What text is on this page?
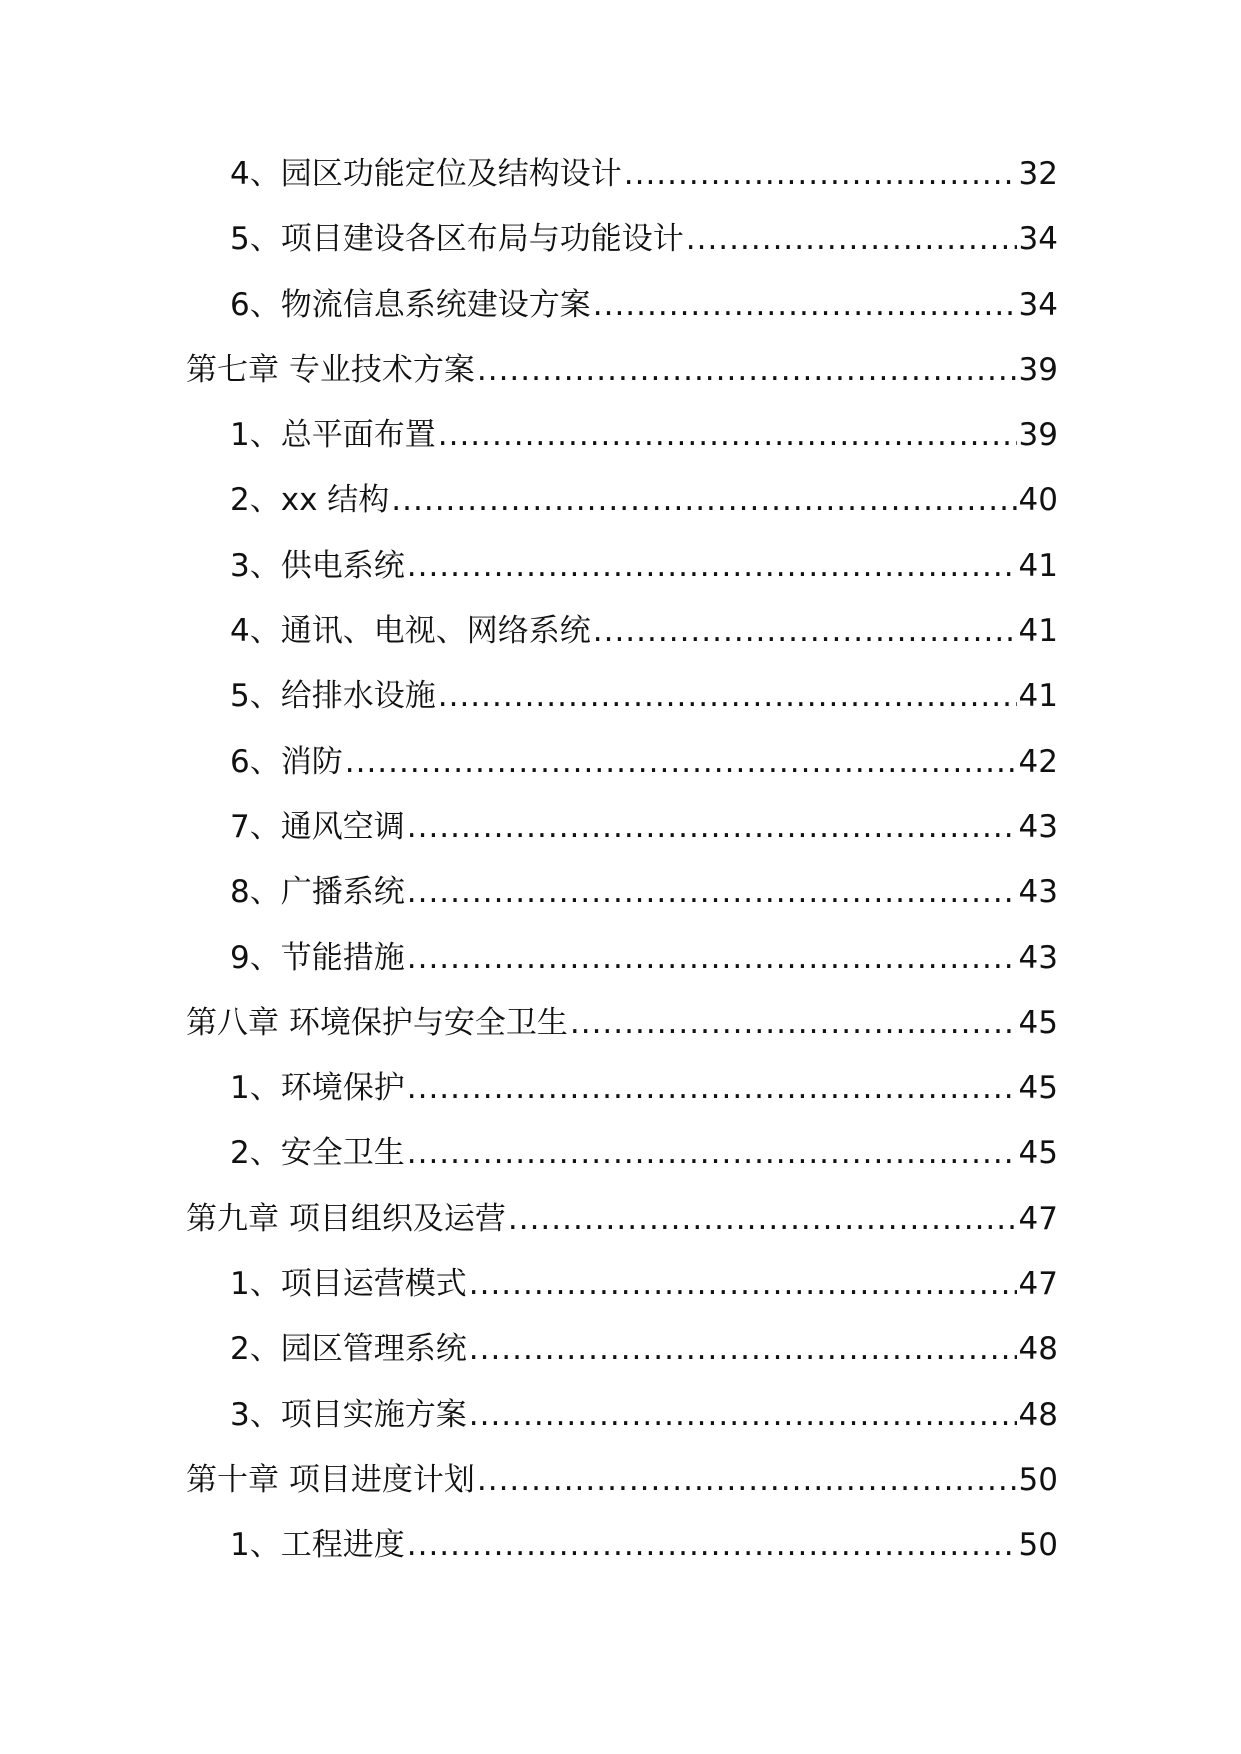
4、园区功能定位及结构设计 .....	32
5、项目建设各区布局与功能设计 .....	34
6、物流信息系统建设方案 .....	34
第七章 专业技术方案 .....	39
1、总平面布置 .....	39
2、xx 结构 .....	40
3、供电系统 .....	41
4、通讯、电视、网络系统 .....	41
5、给排水设施 .....	41
6、消防 .....	42
7、通风空调 .....	43
8、广播系统 .....	43
9、节能措施 .....	43
第八章 环境保护与安全卫生 .....	45
1、环境保护 .....	45
2、安全卫生 .....	45
第九章 项目组织及运营 .....	47
1、项目运营模式 .....	47
2、园区管理系统 .....	48
3、项目实施方案 .....	48
第十章 项目进度计划 .....	50
1、工程进度 .....	50
